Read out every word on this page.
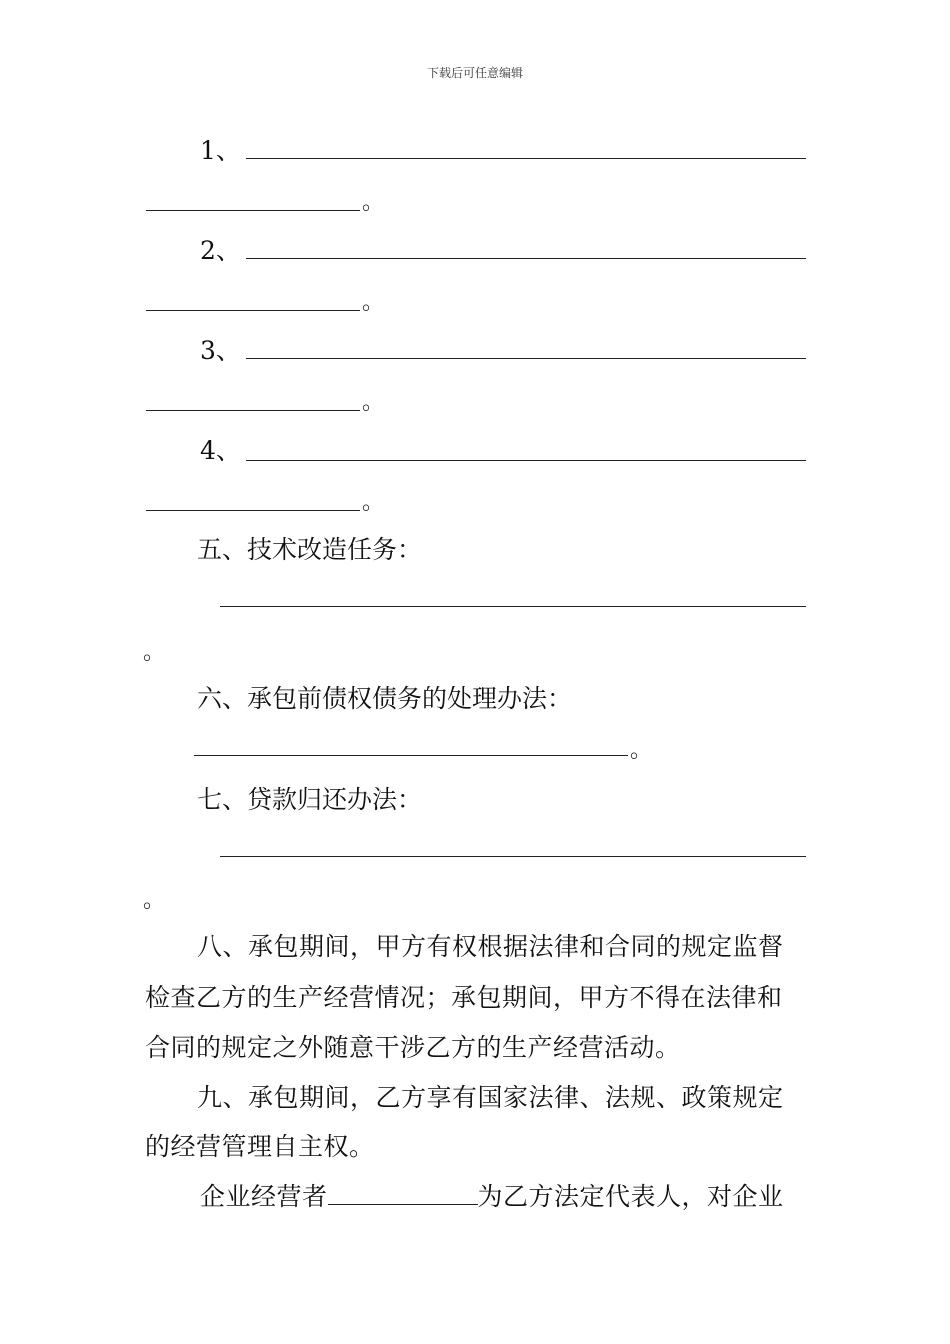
下载后可任意编辑
1、
。
2、
。
3、
。
4、
。
五、技术改造任务：
。
六、承包前债权债务的处理办法：
。
七、贷款归还办法：
。
八、承包期间，甲方有权根据法律和合同的规定监督
检查乙方的生产经营情况；承包期间，甲方不得在法律和
合同的规定之外随意干涉乙方的生产经营活动。
九、承包期间，乙方享有国家法律、法规、政策规定
的经营管理自主权。
企业经营者	为乙方法定代表人，对企业
